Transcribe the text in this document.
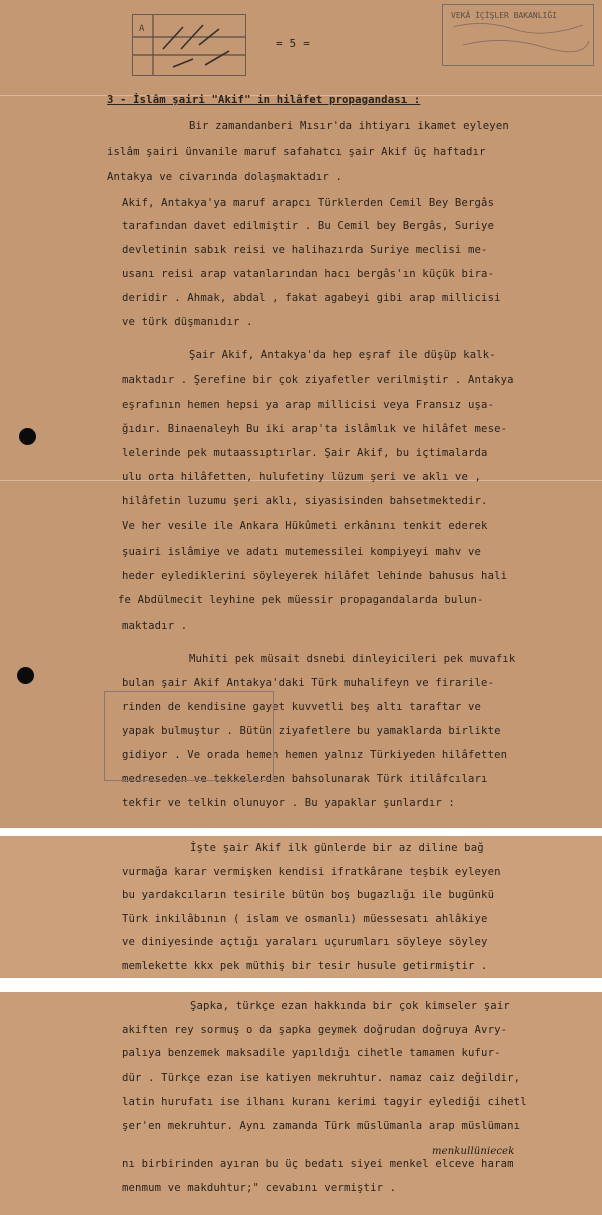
A
= 5 =
VEKÂ İÇİŞLER BAKANLIĞI
3 - İslâm şairi "Akif" in hilâfet propagandası :
Bir zamandanberi Mısır'da ihtiyarı ikamet eyleyen
islâm şairi ünvanile maruf safahatcı şair Akif üç haftadır
Antakya ve civarında dolaşmaktadır .
Akif, Antakya'ya maruf arapcı Türklerden Cemil Bey Bergâs
tarafından davet edilmiştir . Bu Cemil bey Bergâs, Suriye
devletinin sabık reisi ve halihazırda Suriye meclisi me-
usanı reisi arap vatanlarından hacı bergâs'ın küçük bira-
deridir . Ahmak, abdal , fakat agabeyi gibi arap millicisi
ve türk düşmanıdır .
Şair Akif, Antakya'da hep eşraf ile düşüp kalk-
maktadır . Şerefine bir çok ziyafetler verilmiştir . Antakya
eşrafının hemen hepsi ya arap millicisi veya Fransız uşa-
ğıdır. Binaenaleyh Bu iki arap'ta islâmlık ve hilâfet mese-
lelerinde pek mutaassıptırlar. Şair Akif, bu içtimalarda
ulu orta hilâfetten, hulufetiny lüzum şeri ve aklı ve ,
hilâfetin luzumu şeri aklı, siyasisinden bahsetmektedir.
Ve her vesile ile Ankara Hükûmeti erkânını tenkit ederek
şuairi islâmiye ve adatı mutemessilei kompiyeyi mahv ve
heder eylediklerini söyleyerek hilâfet lehinde bahusus hali
fe Abdülmecit leyhine pek müessir propagandalarda bulun-
maktadır .
Muhiti pek müsait dsnebi dinleyicileri pek muvafık
bulan şair Akif Antakya'daki Türk muhalifeyn ve firarile-
rinden de kendisine gayet kuvvetli beş altı taraftar ve
yapak bulmuştur . Bütün ziyafetlere bu yamaklarda birlikte
gidiyor . Ve orada hemen hemen yalnız Türkiyeden hilâfetten
medreseden ve tekkelerden bahsolunarak Türk itilâfcıları
tekfir ve telkin olunuyor . Bu yapaklar şunlardır :
İşte şair Akif ilk günlerde bir az diline bağ
vurmağa karar vermişken kendisi ifratkârane teşbik eyleyen
bu yardakcıların tesirile bütün boş bugazlığı ile bugünkü
Türk inkilâbının ( islam ve osmanlı) müessesatı ahlâkiye
ve diniyesinde açtığı yaraları uçurumları söyleye söyley
memlekette kkx pek müthiş bir tesir husule getirmiştir .
Şapka, türkçe ezan hakkında bir çok kimseler şair
akiften rey sormuş o da şapka geymek doğrudan doğruya Avry-
palıya benzemek maksadile yapıldığı cihetle tamamen kufur-
dür . Türkçe ezan ise katiyen mekruhtur. namaz caiz değildir,
latin hurufatı ise ilhanı kuranı kerimi tagyir eylediği cihetl
şer'en mekruhtur. Aynı zamanda Türk müslümanla arap müslümanı
nı birbirinden ayıran bu üç bedatı siyei menkel elceve haram
menmum ve makduhtur;" cevabını vermiştir .
menkullüniecek
